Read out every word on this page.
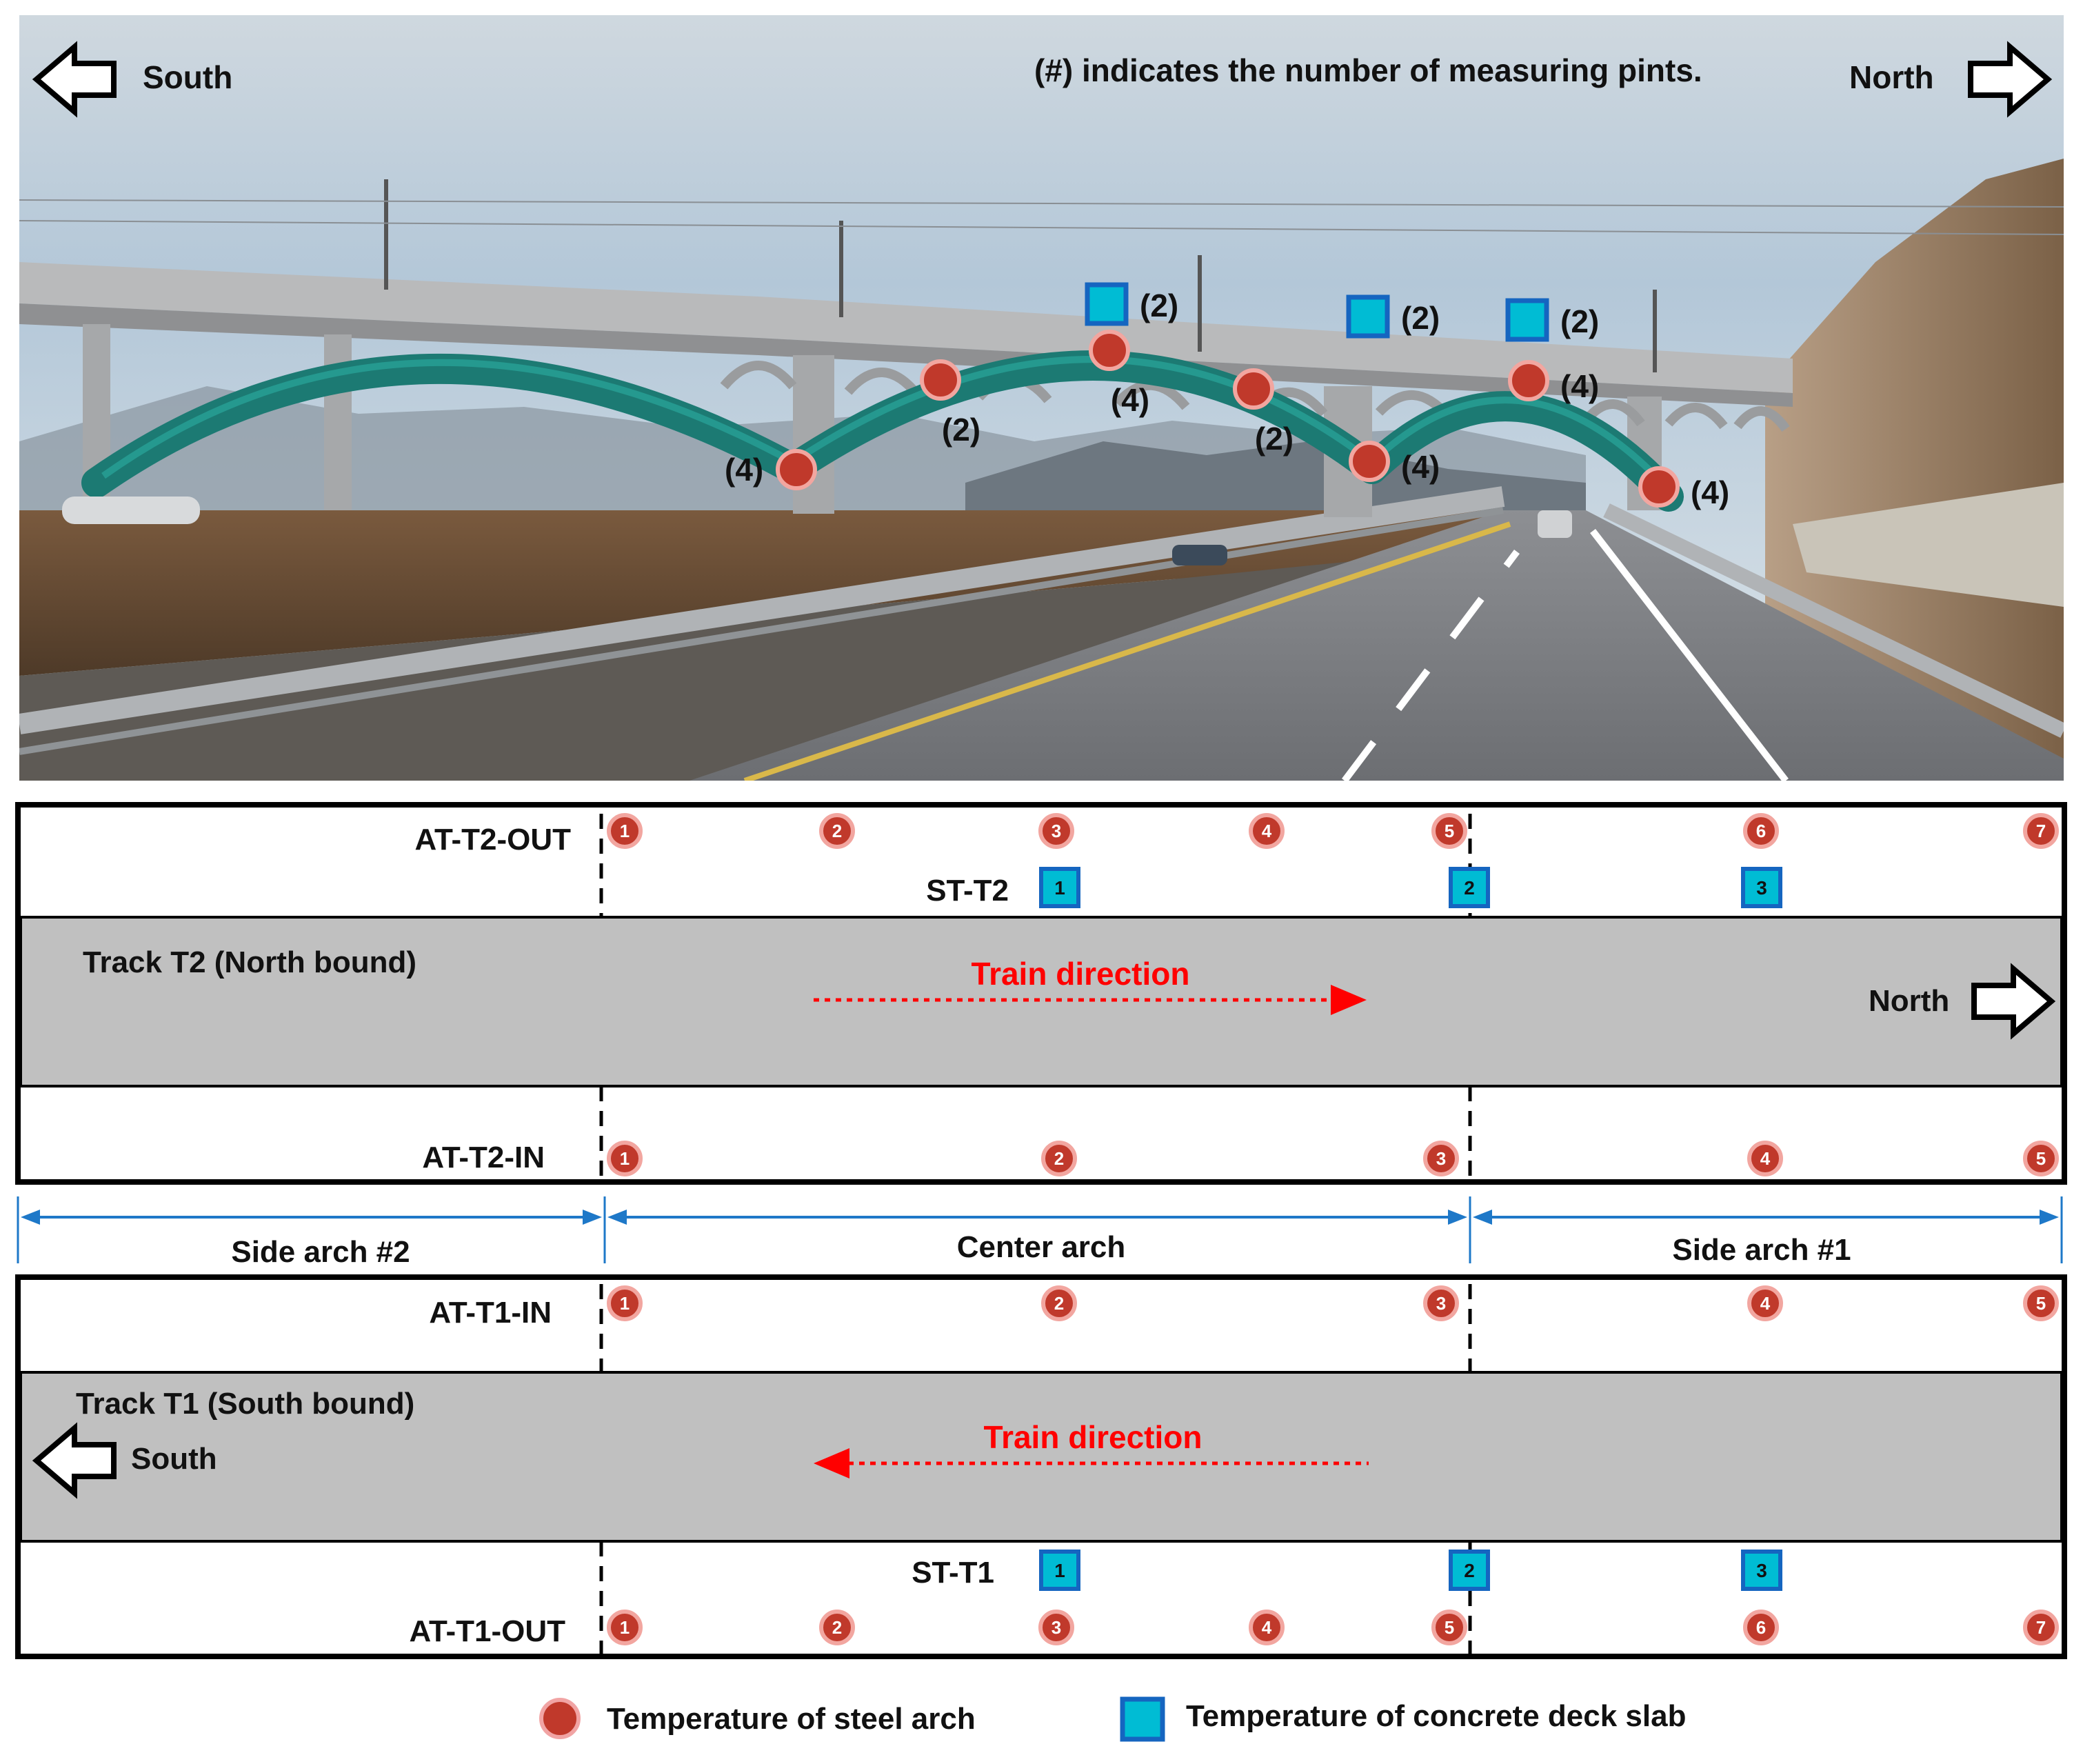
South	(#) indicates the number of measuring pints.	North
(4)
(2)
(4)
(2)
(4)
(4)
(4)
(2)	(2)	(2)
AT-T2-OUT
ST-T2
Track T2 (North bound)	Train direction
North
AT-T2-IN
1	2	3	4	5	6	7
1	2	3
1	2	3	4	5
Side arch #2	Center arch	Side arch #1
AT-T1-IN
Track T1 (South bound)
South
Train direction
ST-T1
AT-T1-OUT
1	2	3	4	5
1	2	3
1	2	3	4	5	6	7
Temperature of steel arch	Temperature of concrete deck slab
